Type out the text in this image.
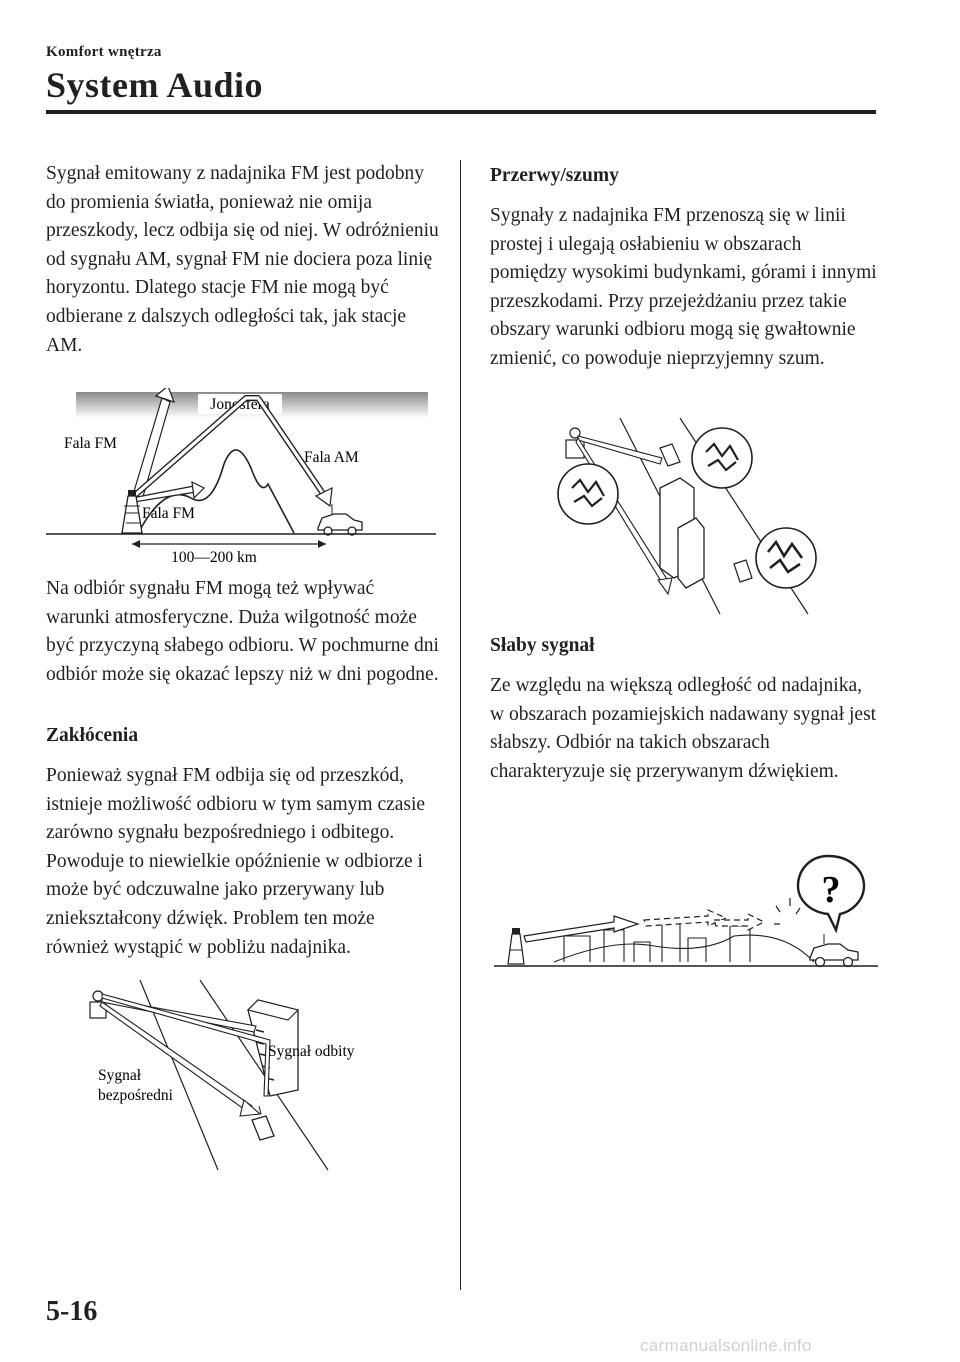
Komfort wnętrza
System Audio

Sygnał emitowany z nadajnika FM jest podobny do promienia światła, ponieważ nie omija przeszkody, lecz odbija się od niej. W odróżnieniu od sygnału AM, sygnał FM nie dociera poza linię horyzontu. Dlatego stacje FM nie mogą być odbierane z dalszych odległości tak, jak stacje AM.

Jonosfera
100—200 km
Fala FM
Fala AM
Fala FM

Na odbiór sygnału FM mogą też wpływać warunki atmosferyczne. Duża wilgotność może być przyczyną słabego odbioru. W pochmurne dni odbiór może się okazać lepszy niż w dni pogodne.

Zakłócenia

Ponieważ sygnał FM odbija się od przeszkód, istnieje możliwość odbioru w tym samym czasie zarówno sygnału bezpośredniego i odbitego. Powoduje to niewielkie opóźnienie w odbiorze i może być odczuwalne jako przerywany lub zniekształcony dźwięk. Problem ten może również wystąpić w pobliżu nadajnika.

Sygnał odbity
Sygnał
bezpośredni

Przerwy/szumy

Sygnały z nadajnika FM przenoszą się w linii prostej i ulegają osłabieniu w obszarach pomiędzy wysokimi budynkami, górami i innymi przeszkodami. Przy przejeżdżaniu przez takie obszary warunki odbioru mogą się gwałtownie zmienić, co powoduje nieprzyjemny szum.

Słaby sygnał

Ze względu na większą odległość od nadajnika, w obszarach pozamiejskich nadawany sygnał jest słabszy. Odbiór na takich obszarach charakteryzuje się przerywanym dźwiękiem.

?
5-16
carmanualsonline.info
